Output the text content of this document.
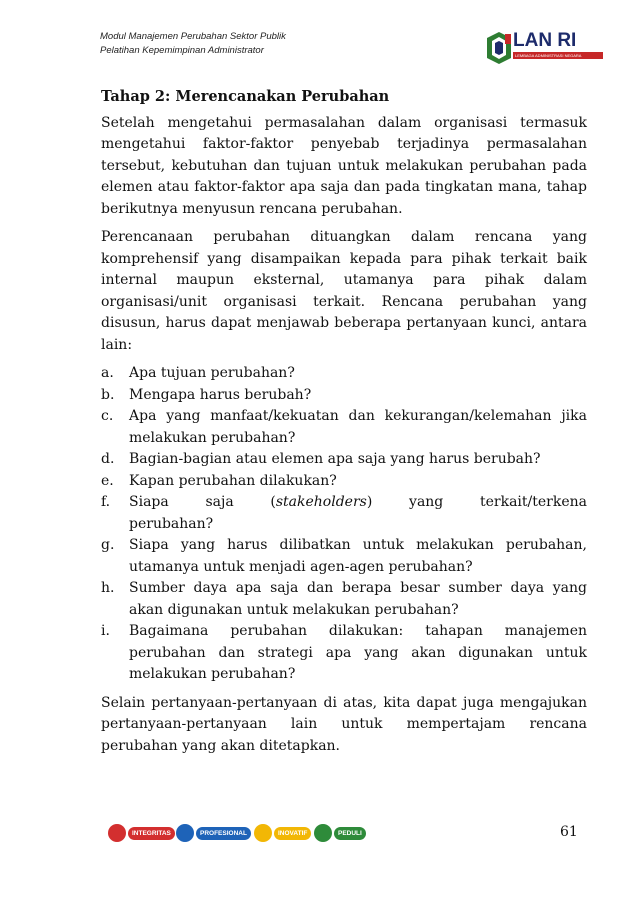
Modul Manajemen Perubahan Sektor Publik
Pelatihan Kepemimpinan Administrator	LAN RI
LEMBAGA ADMINISTRASI NEGARA
Tahap 2: Merencanakan Perubahan

Setelah mengetahui permasalahan dalam organisasi termasuk mengetahui faktor-faktor penyebab terjadinya permasalahan tersebut, kebutuhan dan tujuan untuk melakukan perubahan pada elemen atau faktor-faktor apa saja dan pada tingkatan mana, tahap berikutnya menyusun rencana perubahan.

Perencanaan perubahan dituangkan dalam rencana yang komprehensif yang disampaikan kepada para pihak terkait baik internal maupun eksternal, utamanya para pihak dalam organisasi/unit organisasi terkait. Rencana perubahan yang disusun, harus dapat menjawab beberapa pertanyaan kunci, antara lain:

a. Apa tujuan perubahan?
b. Mengapa harus berubah?
c. Apa yang manfaat/kekuatan dan kekurangan/kelemahan jika melakukan perubahan?
d. Bagian-bagian atau elemen apa saja yang harus berubah?
e. Kapan perubahan dilakukan?
f. Siapa saja (stakeholders) yang terkait/terkena perubahan?
g. Siapa yang harus dilibatkan untuk melakukan perubahan, utamanya untuk menjadi agen-agen perubahan?
h. Sumber daya apa saja dan berapa besar sumber daya yang akan digunakan untuk melakukan perubahan?
i. Bagaimana perubahan dilakukan: tahapan manajemen perubahan dan strategi apa yang akan digunakan untuk melakukan perubahan?

Selain pertanyaan-pertanyaan di atas, kita dapat juga mengajukan pertanyaan-pertanyaan lain untuk mempertajam rencana perubahan yang akan ditetapkan.

INTEGRITAS	PROFESIONAL	INOVATIF	PEDULI	61
